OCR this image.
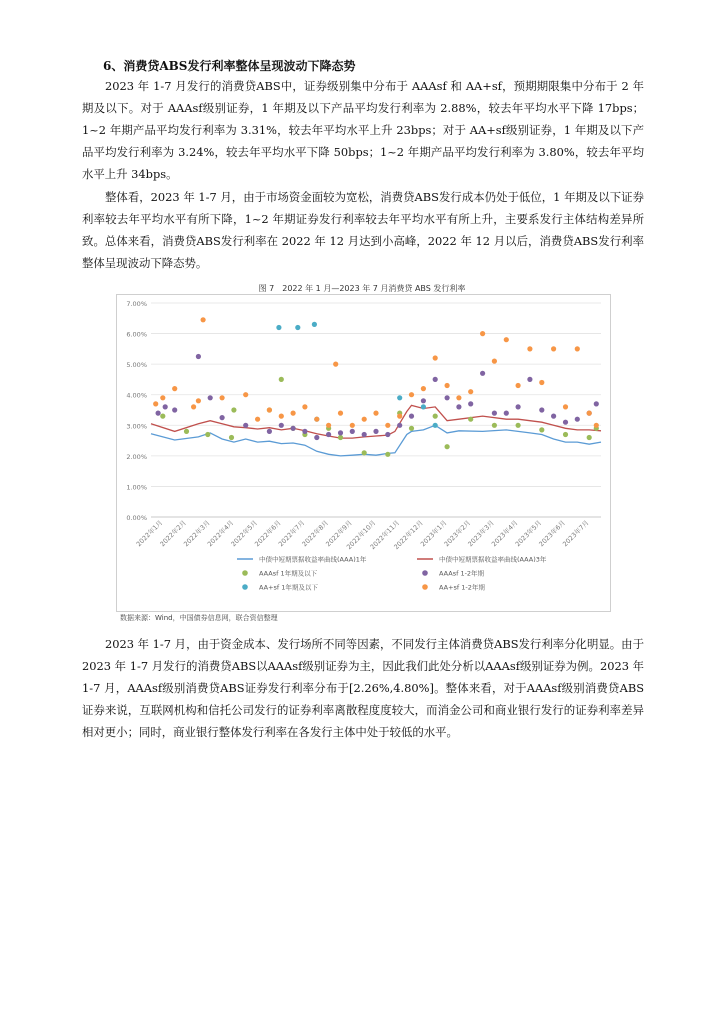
6、消费贷ABS发行利率整体呈现波动下降态势

2023 年 1-7 月发行的消费贷ABS中，证券级别集中分布于 AAAsf 和 AA+sf，预期期限集中分布于 2 年期及以下。对于 AAAsf级别证券，1 年期及以下产品平均发行利率为 2.88%，较去年平均水平下降 17bps；1~2 年期产品平均发行利率为 3.31%，较去年平均水平上升 23bps；对于 AA+sf级别证券，1 年期及以下产品平均发行利率为 3.24%，较去年平均水平下降 50bps；1~2 年期产品平均发行利率为 3.80%，较去年平均水平上升 34bps。

整体看，2023 年 1-7 月，由于市场资金面较为宽松，消费贷ABS发行成本仍处于低位，1 年期及以下证券利率较去年平均水平有所下降，1~2 年期证券发行利率较去年平均水平有所上升，主要系发行主体结构差异所致。总体来看，消费贷ABS发行利率在 2022 年 12 月达到小高峰，2022 年 12 月以后，消费贷ABS发行利率整体呈现波动下降态势。

图 7　2022 年 1 月—2023 年 7 月消费贷 ABS 发行利率
0.00%
1.00%
2.00%
3.00%
4.00%
5.00%
6.00%
7.00%
2022年1月
2022年2月
2022年3月
2022年4月
2022年5月
2022年6月
2022年7月
2022年8月
2022年9月
2022年10月
2022年11月
2022年12月
2023年1月
2023年2月
2023年3月
2023年4月
2023年5月
2023年6月
2023年7月
中债中短期票据收益率曲线(AAA)1年	中债中短期票据收益率曲线(AAA)3年
AAAsf 1年期及以下	AAAsf 1-2年期
AA+sf 1年期及以下	AA+sf 1-2年期
数据来源：Wind，中国债券信息网，联合资信整理

2023 年 1-7 月，由于资金成本、发行场所不同等因素，不同发行主体消费贷ABS发行利率分化明显。由于 2023 年 1-7 月发行的消费贷ABS以AAAsf级别证券为主，因此我们此处分析以AAAsf级别证券为例。2023 年 1-7 月，AAAsf级别消费贷ABS证券发行利率分布于[2.26%,4.80%]。整体来看，对于AAAsf级别消费贷ABS证券来说，互联网机构和信托公司发行的证券利率离散程度度较大，而消金公司和商业银行发行的证券利率差异相对更小；同时，商业银行整体发行利率在各发行主体中处于较低的水平。
